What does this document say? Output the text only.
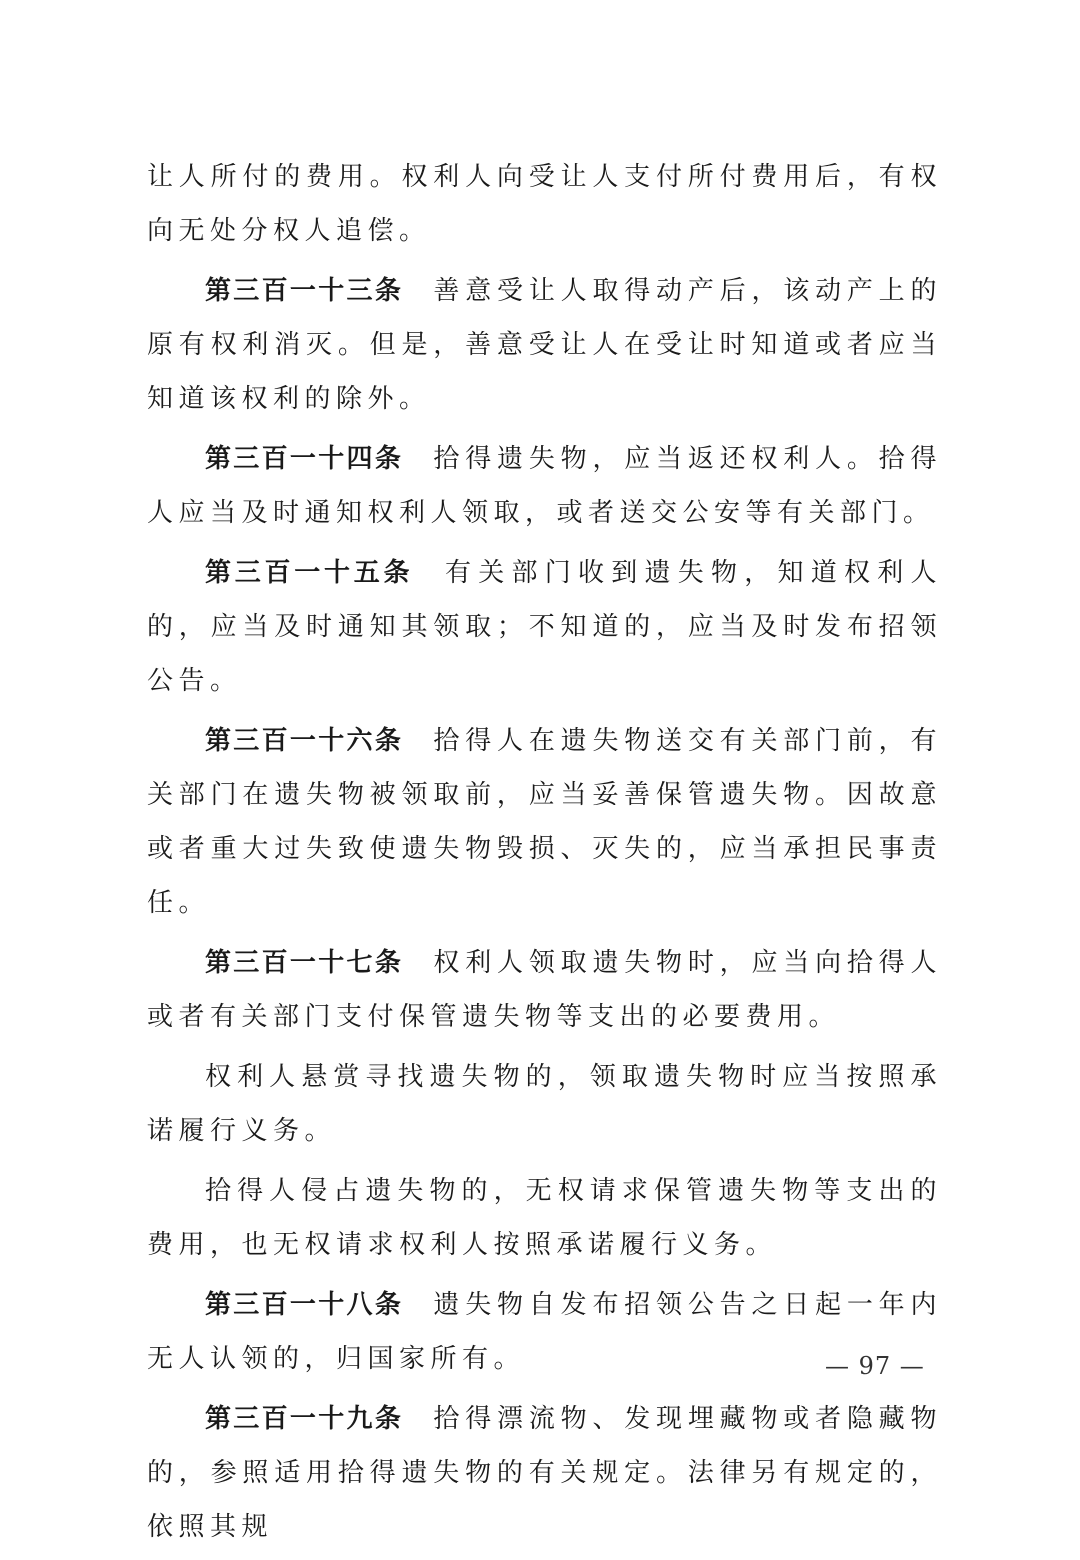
让人所付的费用。权利人向受让人支付所付费用后，有权向无处分权人追偿。

第三百一十三条 善意受让人取得动产后，该动产上的原有权利消灭。但是，善意受让人在受让时知道或者应当知道该权利的除外。

第三百一十四条 拾得遗失物，应当返还权利人。拾得人应当及时通知权利人领取，或者送交公安等有关部门。

第三百一十五条 有关部门收到遗失物，知道权利人的，应当及时通知其领取；不知道的，应当及时发布招领公告。

第三百一十六条 拾得人在遗失物送交有关部门前，有关部门在遗失物被领取前，应当妥善保管遗失物。因故意或者重大过失致使遗失物毁损、灭失的，应当承担民事责任。

第三百一十七条 权利人领取遗失物时，应当向拾得人或者有关部门支付保管遗失物等支出的必要费用。

权利人悬赏寻找遗失物的，领取遗失物时应当按照承诺履行义务。

拾得人侵占遗失物的，无权请求保管遗失物等支出的费用，也无权请求权利人按照承诺履行义务。

第三百一十八条 遗失物自发布招领公告之日起一年内无人认领的，归国家所有。

第三百一十九条 拾得漂流物、发现埋藏物或者隐藏物的，参照适用拾得遗失物的有关规定。法律另有规定的，依照其规

— 97 —
